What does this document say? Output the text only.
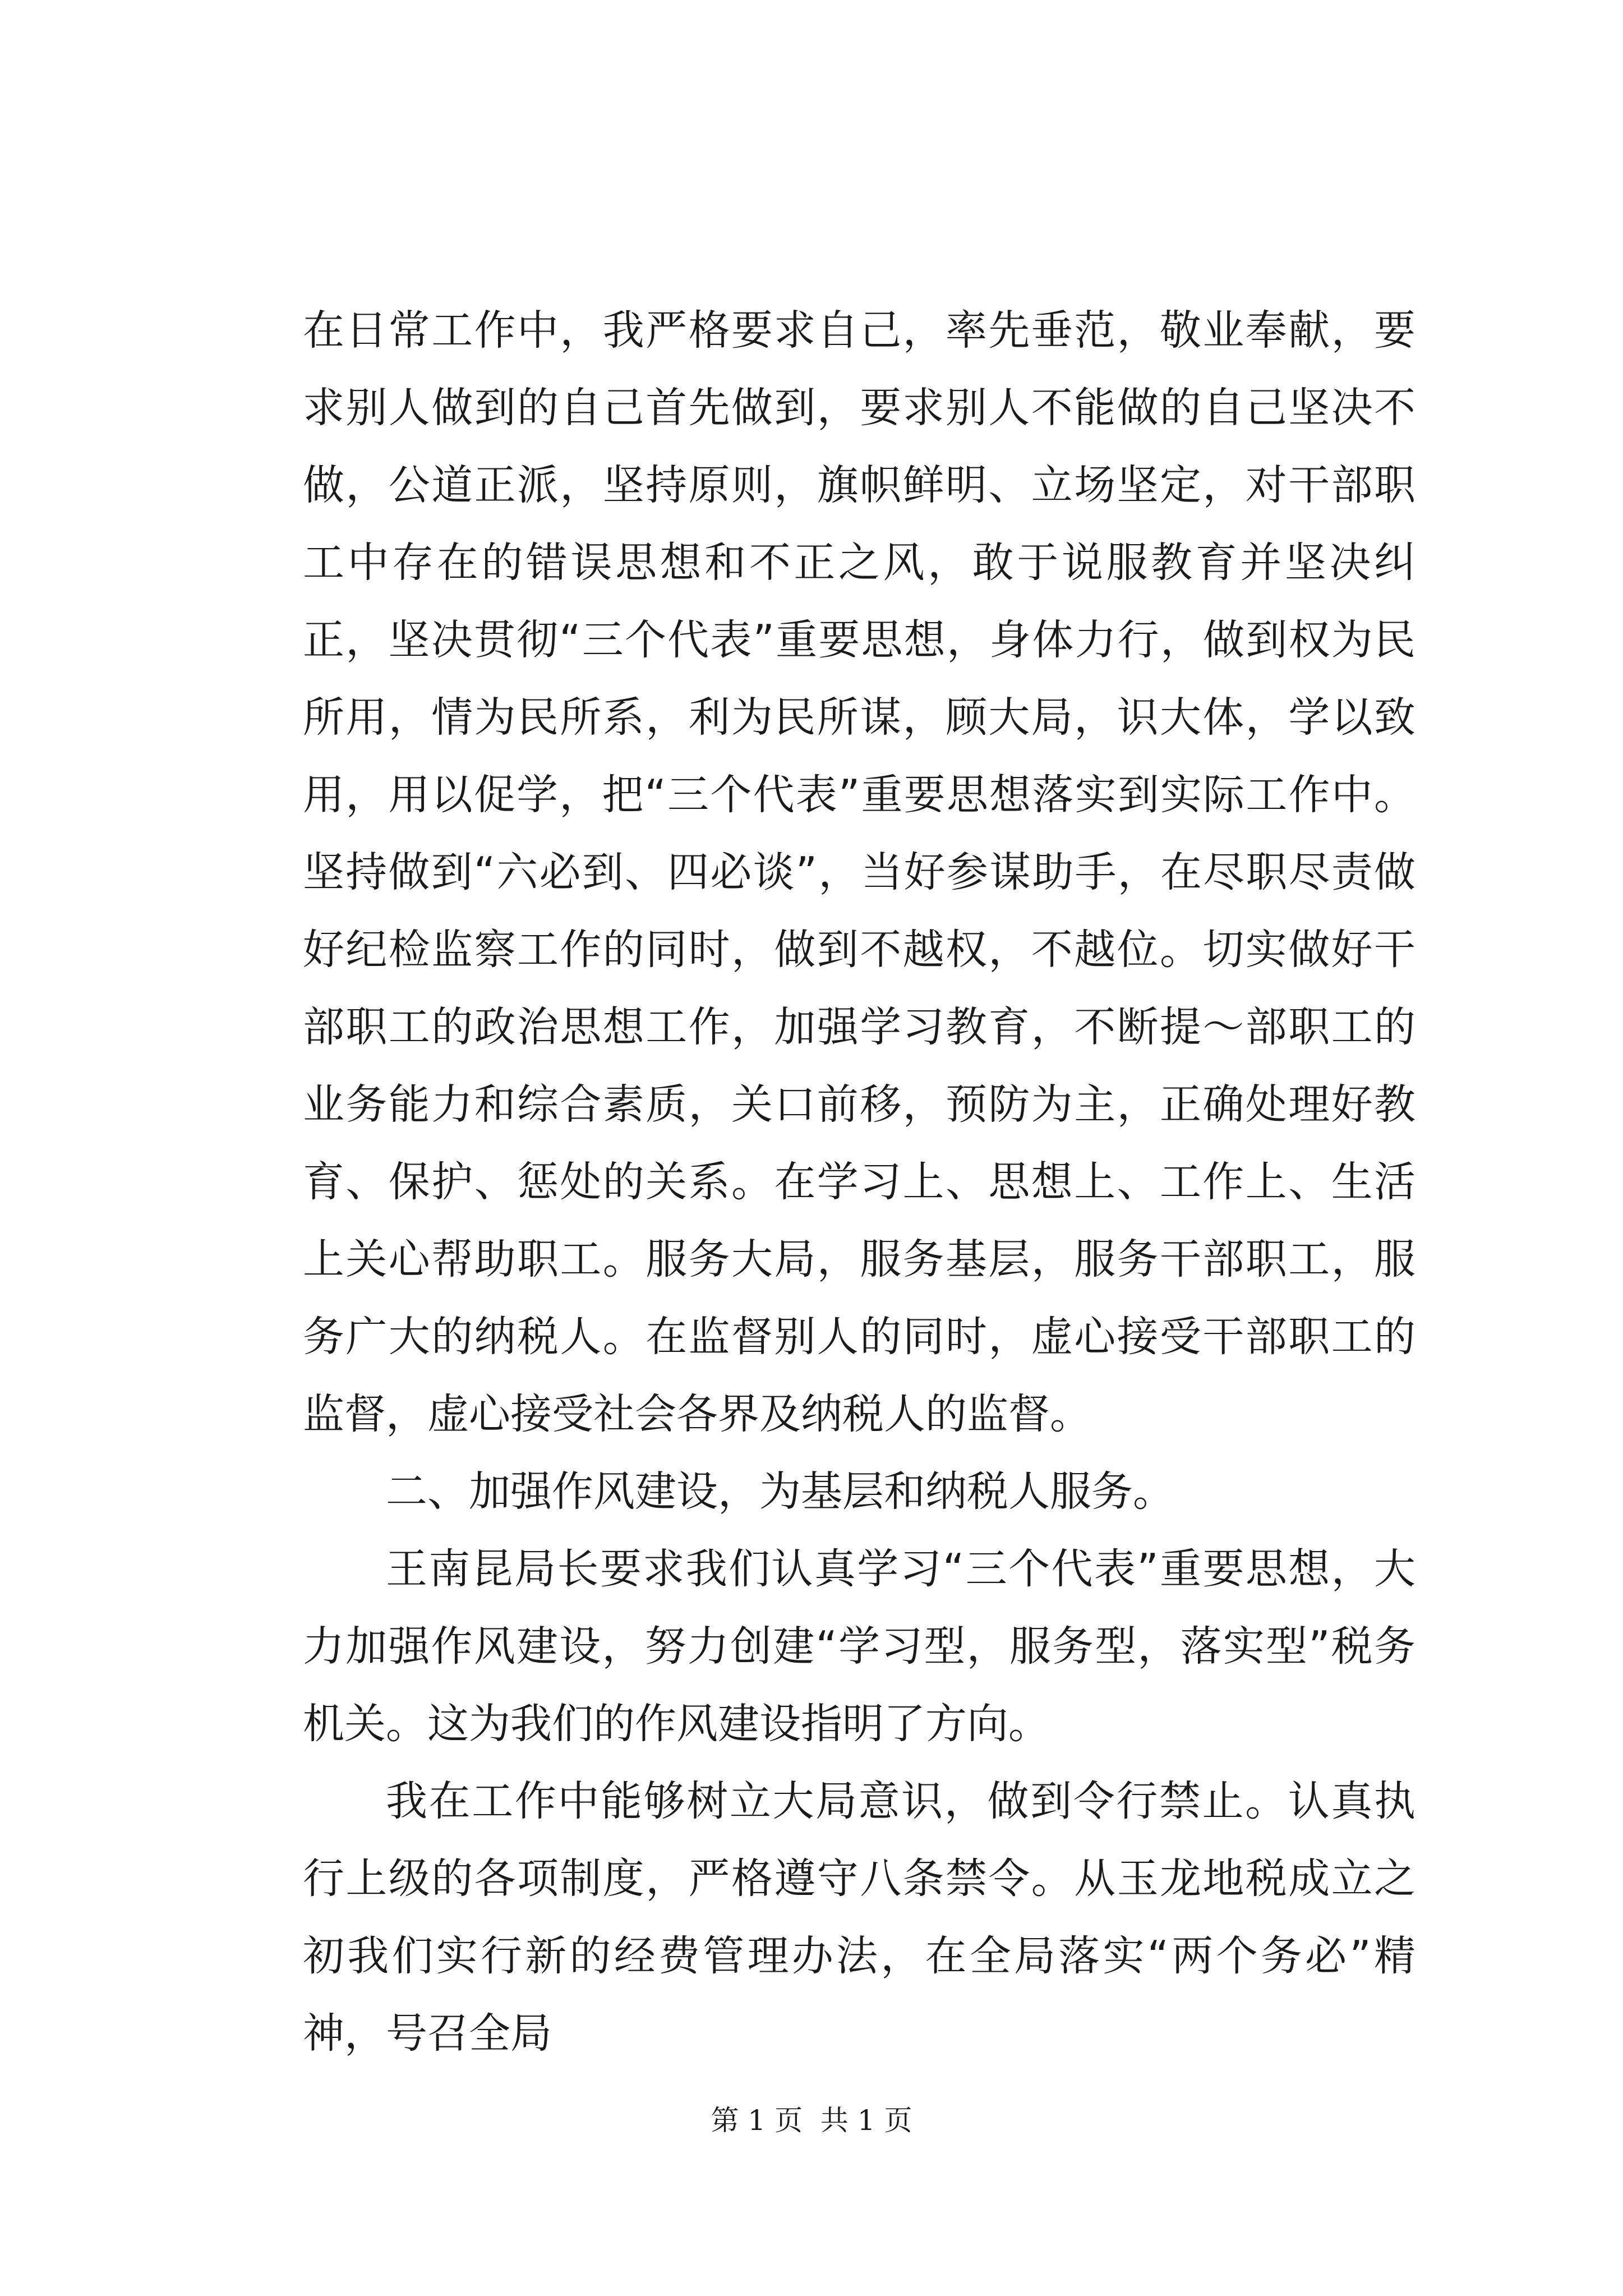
在日常工作中，我严格要求自己，率先垂范，敬业奉献，要求别人做到的自己首先做到，要求别人不能做的自己坚决不做，公道正派，坚持原则，旗帜鲜明、立场坚定，对干部职工中存在的错误思想和不正之风，敢于说服教育并坚决纠正，坚决贯彻“三个代表”重要思想，身体力行，做到权为民所用，情为民所系，利为民所谋，顾大局，识大体，学以致用，用以促学，把“三个代表”重要思想落实到实际工作中。坚持做到“六必到、四必谈”，当好参谋助手，在尽职尽责做好纪检监察工作的同时，做到不越权，不越位。切实做好干部职工的政治思想工作，加强学习教育，不断提～部职工的业务能力和综合素质，关口前移，预防为主，正确处理好教育、保护、惩处的关系。在学习上、思想上、工作上、生活上关心帮助职工。服务大局，服务基层，服务干部职工，服务广大的纳税人。在监督别人的同时，虚心接受干部职工的监督，虚心接受社会各界及纳税人的监督。

二、加强作风建设，为基层和纳税人服务。

王南昆局长要求我们认真学习“三个代表”重要思想，大力加强作风建设，努力创建“学习型，服务型，落实型”税务机关。这为我们的作风建设指明了方向。

我在工作中能够树立大局意识，做到令行禁止。认真执行上级的各项制度，严格遵守八条禁令。从玉龙地税成立之初我们实行新的经费管理办法，在全局落实“两个务必”精神，号召全局

第 1 页  共 1 页
